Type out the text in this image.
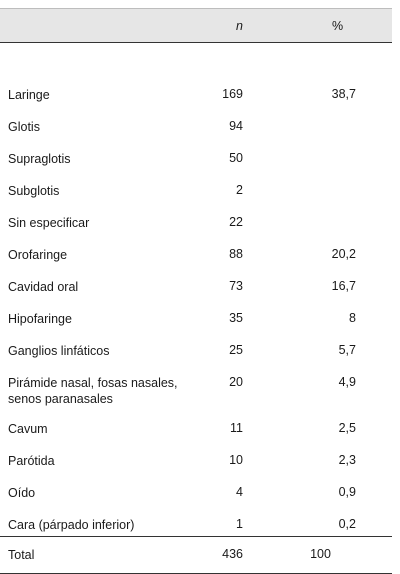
	n	%

Laringe	169	38,7
Glotis	94	
Supraglotis	50	
Subglotis	2	
Sin especificar	22	
Orofaringe	88	20,2
Cavidad oral	73	16,7
Hipofaringe	35	8
Ganglios linfáticos	25	5,7
Pirámide nasal, fosas nasales, senos paranasales	20	4,9
Cavum	11	2,5
Parótida	10	2,3
Oído	4	0,9
Cara (párpado inferior)	1	0,2
Total	436	100
